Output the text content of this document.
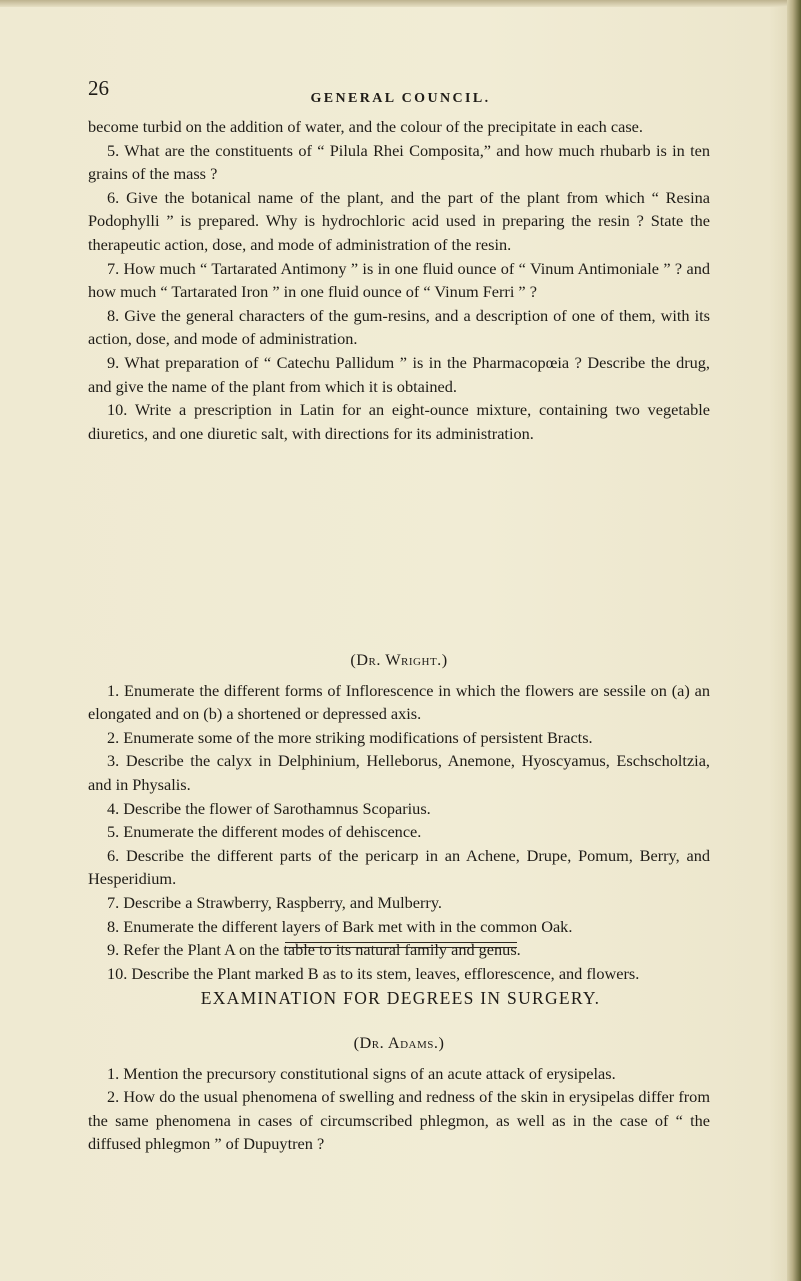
26	GENERAL COUNCIL.

become turbid on the addition of water, and the colour of the precipitate in each case.

5. What are the constituents of “ Pilula Rhei Composita,” and how much rhubarb is in ten grains of the mass ?

6. Give the botanical name of the plant, and the part of the plant from which “ Resina Podophylli ” is prepared. Why is hydrochloric acid used in preparing the resin ? State the therapeutic action, dose, and mode of administration of the resin.

7. How much “ Tartarated Antimony ” is in one fluid ounce of “ Vinum Antimoniale ” ? and how much “ Tartarated Iron ” in one fluid ounce of “ Vinum Ferri ” ?

8. Give the general characters of the gum-resins, and a description of one of them, with its action, dose, and mode of administration.

9. What preparation of “ Catechu Pallidum ” is in the Pharmacopœia ? Describe the drug, and give the name of the plant from which it is obtained.

10. Write a prescription in Latin for an eight-ounce mixture, containing two vegetable diuretics, and one diuretic salt, with directions for its administration.

(Dr. Wright.)

1. Enumerate the different forms of Inflorescence in which the flowers are sessile on (a) an elongated and on (b) a shortened or depressed axis.

2. Enumerate some of the more striking modifications of persistent Bracts.

3. Describe the calyx in Delphinium, Helleborus, Anemone, Hyoscyamus, Eschscholtzia, and in Physalis.

4. Describe the flower of Sarothamnus Scoparius.

5. Enumerate the different modes of dehiscence.

6. Describe the different parts of the pericarp in an Achene, Drupe, Pomum, Berry, and Hesperidium.

7. Describe a Strawberry, Raspberry, and Mulberry.

8. Enumerate the different layers of Bark met with in the common Oak.

9. Refer the Plant A on the table to its natural family and genus.

10. Describe the Plant marked B as to its stem, leaves, efflorescence, and flowers.

EXAMINATION FOR DEGREES IN SURGERY.

(Dr. Adams.)

1. Mention the precursory constitutional signs of an acute attack of erysipelas.

2. How do the usual phenomena of swelling and redness of the skin in erysipelas differ from the same phenomena in cases of circumscribed phlegmon, as well as in the case of “ the diffused phlegmon ” of Dupuytren ?
